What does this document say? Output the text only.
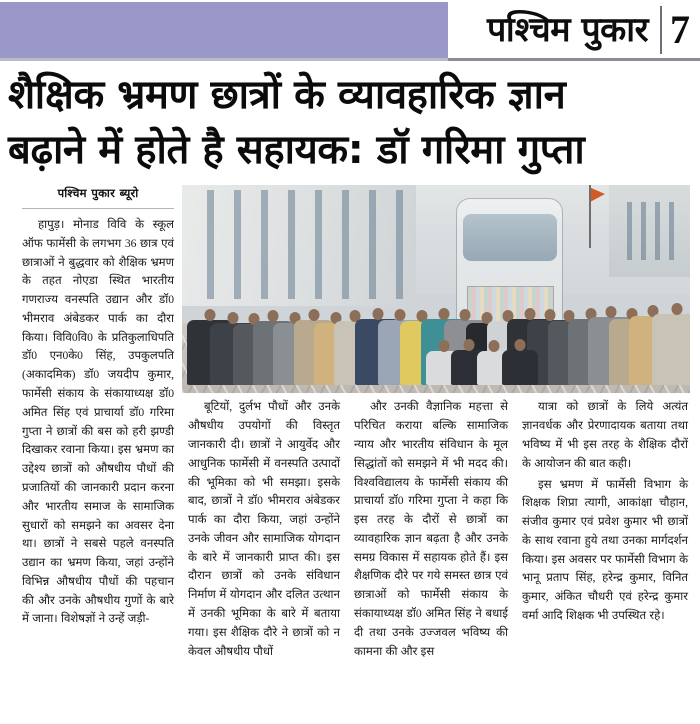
पश्चिम पुकार 7
शैक्षिक भ्रमण छात्रों के व्यावहारिक ज्ञान
बढ़ाने में होते है सहायक: डॉ गरिमा गुप्ता
पश्चिम पुकार ब्यूरो

हापुड़। मोनाड विवि के स्कूल ऑफ फामेंसी के लगभग 36 छात्र एवं छात्राओं ने बुद्धवार को शैक्षिक भ्रमण के तहत नोएडा स्थित भारतीय गणराज्य वनस्पति उद्यान और डॉ0 भीमराव अंबेडकर पार्क का दौरा किया। विवि0वि0 के प्रतिकुलाधिपति डॉ0 एन0के0 सिंह, उपकुलपति (अकादमिक) डॉ0 जयदीप कुमार, फार्मेसी संकाय के संकायाध्यक्ष डॉ0 अमित सिंह एवं प्राचार्या डॉ0 गरिमा गुप्ता ने छात्रों की बस को हरी झण्डी दिखाकर रवाना किया। इस भ्रमण का उद्देश्य छात्रों को औषधीय पौधों की प्रजातियों की जानकारी प्रदान करना और भारतीय समाज के सामाजिक सुधारों को समझने का अवसर देना था। छात्रों ने सबसे पहले वनस्पति उद्यान का भ्रमण किया, जहां उन्होंने विभिन्न औषधीय पौधों की पहचान की और उनके औषधीय गुणों के बारे में जाना। विशेषज्ञों ने उन्हें जड़ी-

बूटियों, दुर्लभ पौधों और उनके औषधीय उपयोगों की विस्तृत जानकारी दी। छात्रों ने आयुर्वेद और आधुनिक फार्मेसी में वनस्पति उत्पादों की भूमिका को भी समझा। इसके बाद, छात्रों ने डॉ0 भीमराव अंबेडकर पार्क का दौरा किया, जहां उन्होंने उनके जीवन और सामाजिक योगदान के बारे में जानकारी प्राप्त की। इस दौरान छात्रों को उनके संविधान निर्माण में योगदान और दलित उत्थान में उनकी भूमिका के बारे में बताया गया। इस शैक्षिक दौरे ने छात्रों को न केवल औषधीय पौधों

और उनकी वैज्ञानिक महत्ता से परिचित कराया बल्कि सामाजिक न्याय और भारतीय संविधान के मूल सिद्धांतों को समझने में भी मदद की। विश्वविद्यालय के फार्मेसी संकाय की प्राचार्या डॉ0 गरिमा गुप्ता ने कहा कि इस तरह के दौरों से छात्रों का व्यावहारिक ज्ञान बढ़ता है और उनके समग्र विकास में सहायक होते हैं। इस शैक्षणिक दौरे पर गये समस्त छात्र एवं छात्राओं को फार्मेसी संकाय के संकायाध्यक्ष डॉ0 अमित सिंह ने बधाई दी तथा उनके उज्जवल भविष्य की कामना की और इस

यात्रा को छात्रों के लिये अत्यंत ज्ञानवर्धक और प्रेरणादायक बताया तथा भविष्य में भी इस तरह के शैक्षिक दौरों के आयोजन की बात कही।

इस भ्रमण में फार्मेसी विभाग के शिक्षक शिप्रा त्यागी, आकांक्षा चौहान, संजीव कुमार एवं प्रवेश कुमार भी छात्रों के साथ रवाना हुये तथा उनका मार्गदर्शन किया। इस अवसर पर फार्मेसी विभाग के भानू प्रताप सिंह, हरेन्द्र कुमार, विनित कुमार, अंकित चौधरी एवं हरेन्द्र कुमार वर्मा आदि शिक्षक भी उपस्थित रहे।
